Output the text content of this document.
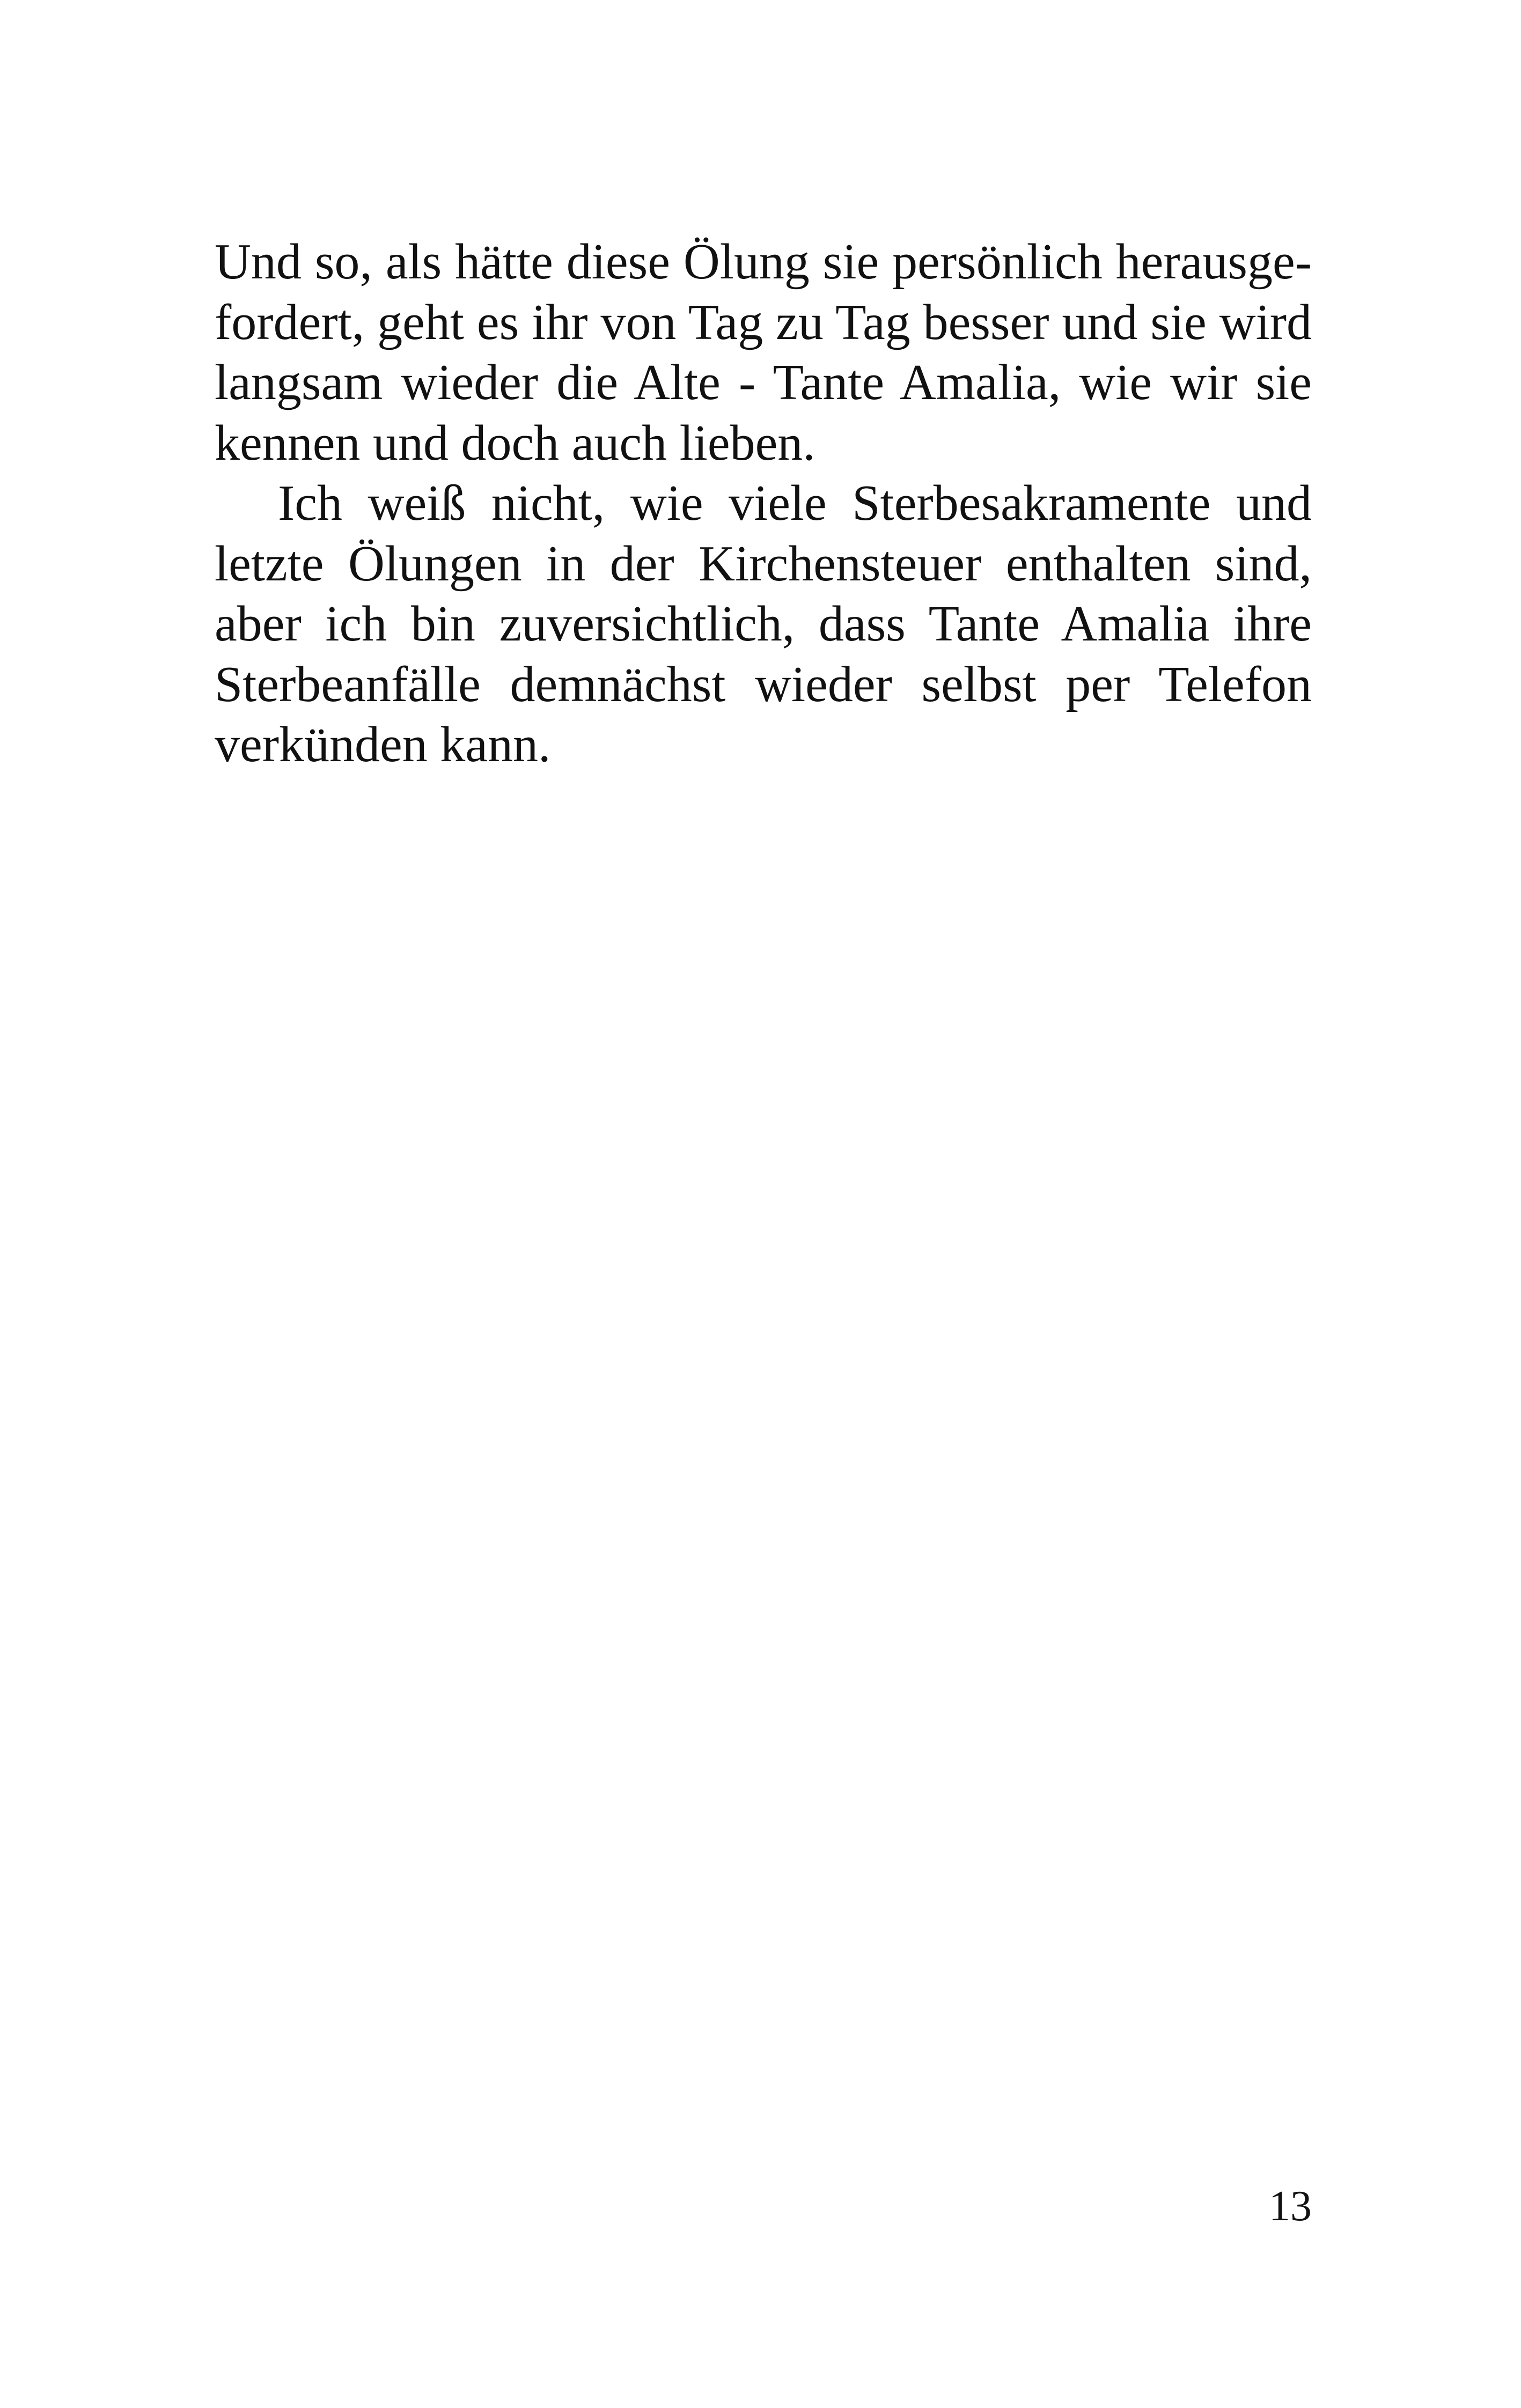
Und so, als hätte diese Ölung sie persönlich herausge-
fordert, geht es ihr von Tag zu Tag besser und sie wird
langsam wieder die Alte - Tante Amalia, wie wir sie
kennen und doch auch lieben.
Ich weiß nicht, wie viele Sterbesakramente und
letzte Ölungen in der Kirchensteuer enthalten sind,
aber ich bin zuversichtlich, dass Tante Amalia ihre
Sterbeanfälle demnächst wieder selbst per Telefon
verkünden kann.
13
